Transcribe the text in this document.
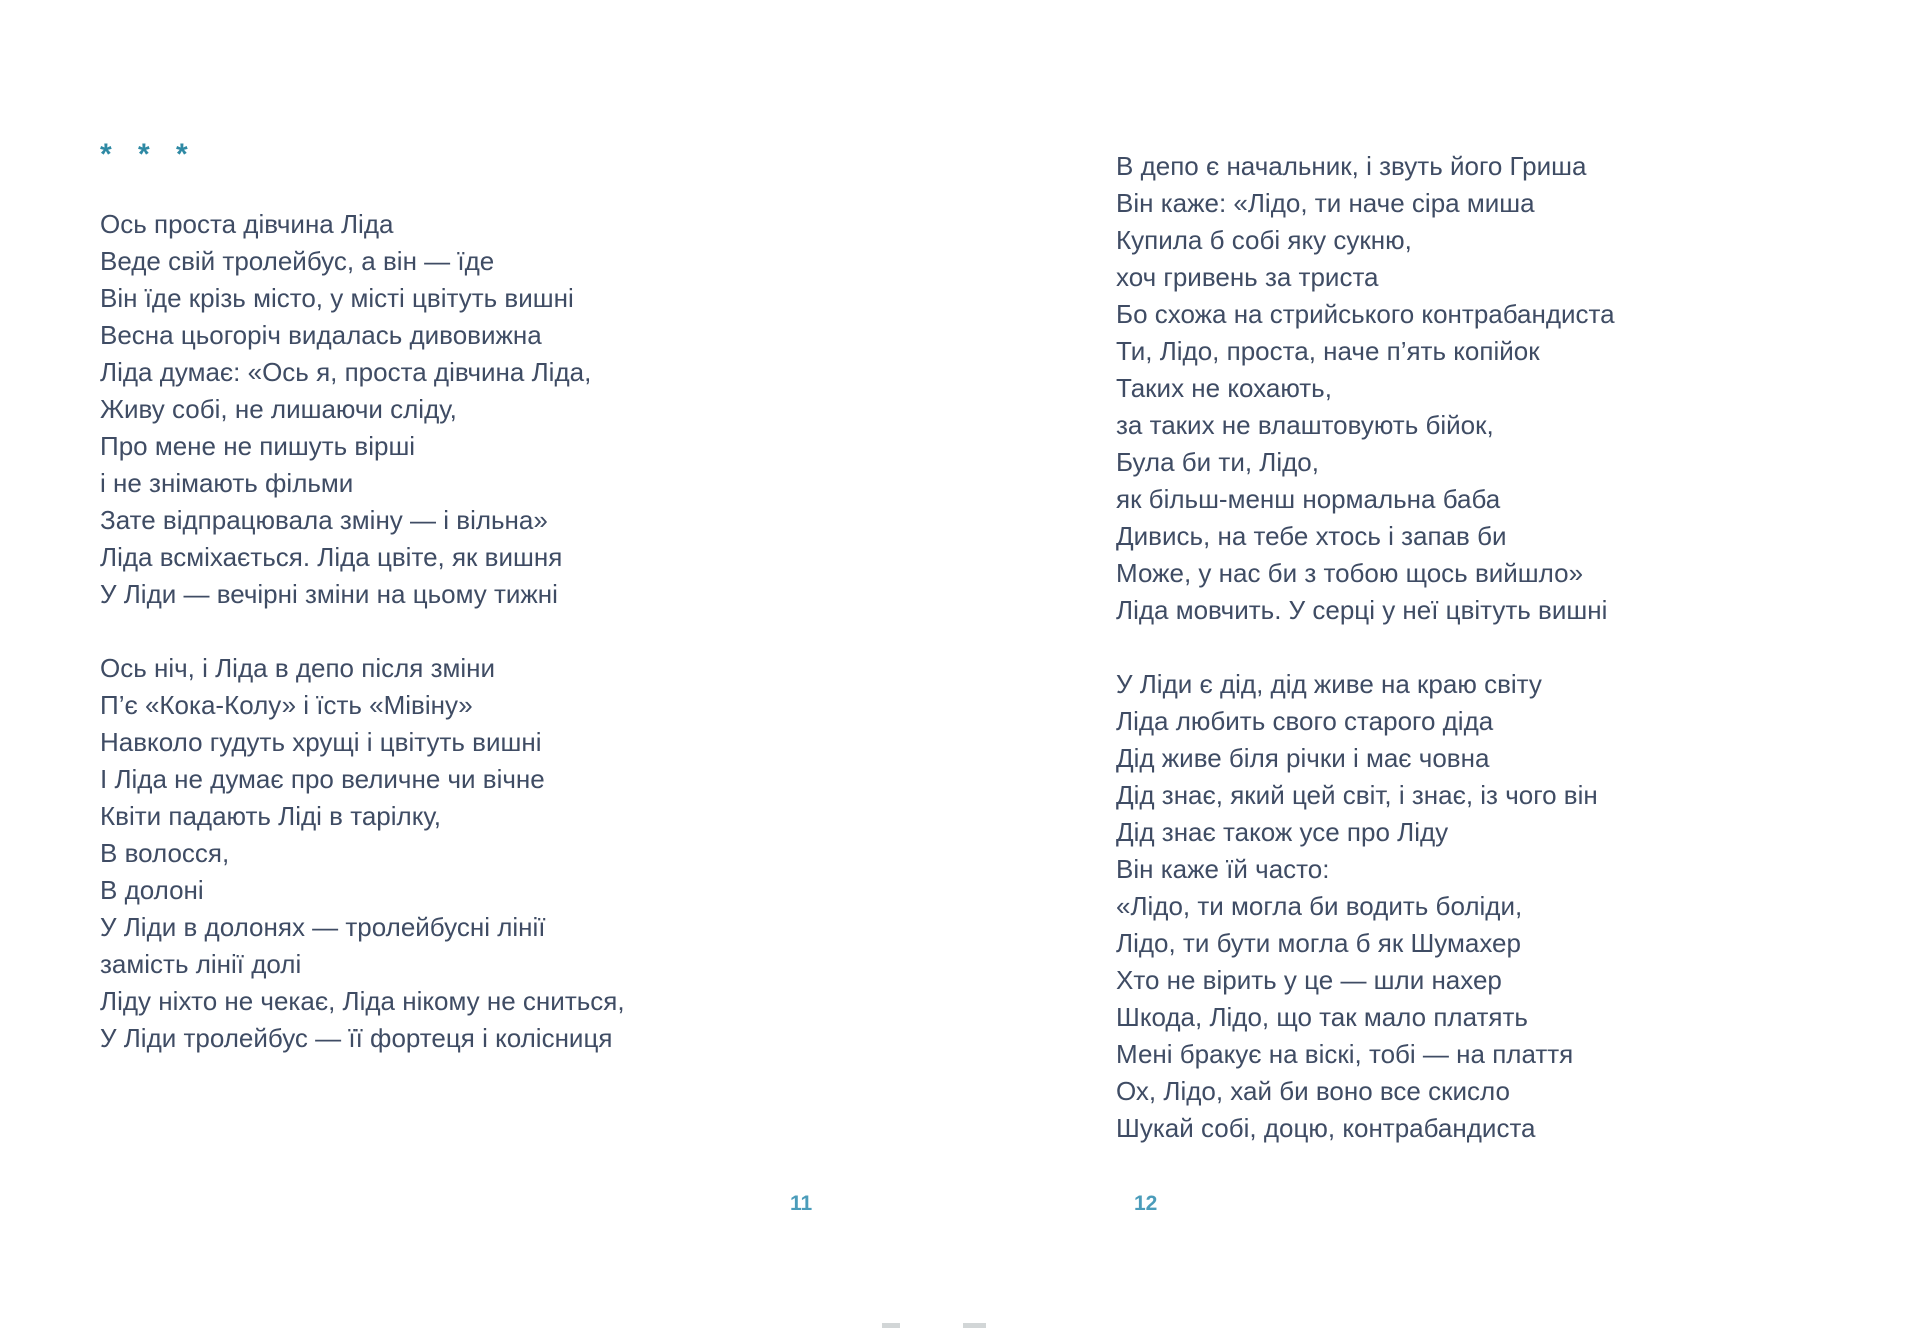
* * *
Ось проста дівчина Ліда
Веде свій тролейбус, а він — їде
Він їде крізь місто, у місті цвітуть вишні
Весна цьогоріч видалась дивовижна
Ліда думає: «Ось я, проста дівчина Ліда,
Живу собі, не лишаючи сліду,
Про мене не пишуть вірші
і не знімають фільми
Зате відпрацювала зміну — і вільна»
Ліда всміхається. Ліда цвіте, як вишня
У Ліди — вечірні зміни на цьому тижні
Ось ніч, і Ліда в депо після зміни
П’є «Кока-Колу» і їсть «Мівіну»
Навколо гудуть хрущі і цвітуть вишні
І Ліда не думає про величне чи вічне
Квіти падають Ліді в тарілку,
В волосся,
В долоні
У Ліди в долонях — тролейбусні лінії
замість лінії долі
Ліду ніхто не чекає, Ліда нікому не сниться,
У Ліди тролейбус — її фортеця і колісниця
11
В депо є начальник, і звуть його Гриша
Він каже: «Лідо, ти наче сіра миша
Купила б собі яку сукню,
хоч гривень за триста
Бо схожа на стрийського контрабандиста
Ти, Лідо, проста, наче п’ять копійок
Таких не кохають,
за таких не влаштовують бійок,
Була би ти, Лідо,
як більш-менш нормальна баба
Дивись, на тебе хтось і запав би
Може, у нас би з тобою щось вийшло»
Ліда мовчить. У серці у неї цвітуть вишні
У Ліди є дід, дід живе на краю світу
Ліда любить свого старого діда
Дід живе біля річки і має човна
Дід знає, який цей світ, і знає, із чого він
Дід знає також усе про Ліду
Він каже їй часто:
«Лідо, ти могла би водить боліди,
Лідо, ти бути могла б як Шумахер
Хто не вірить у це — шли нахер
Шкода, Лідо, що так мало платять
Мені бракує на віскі, тобі — на плаття
Ох, Лідо, хай би воно все скисло
Шукай собі, доцю, контрабандиста
12
